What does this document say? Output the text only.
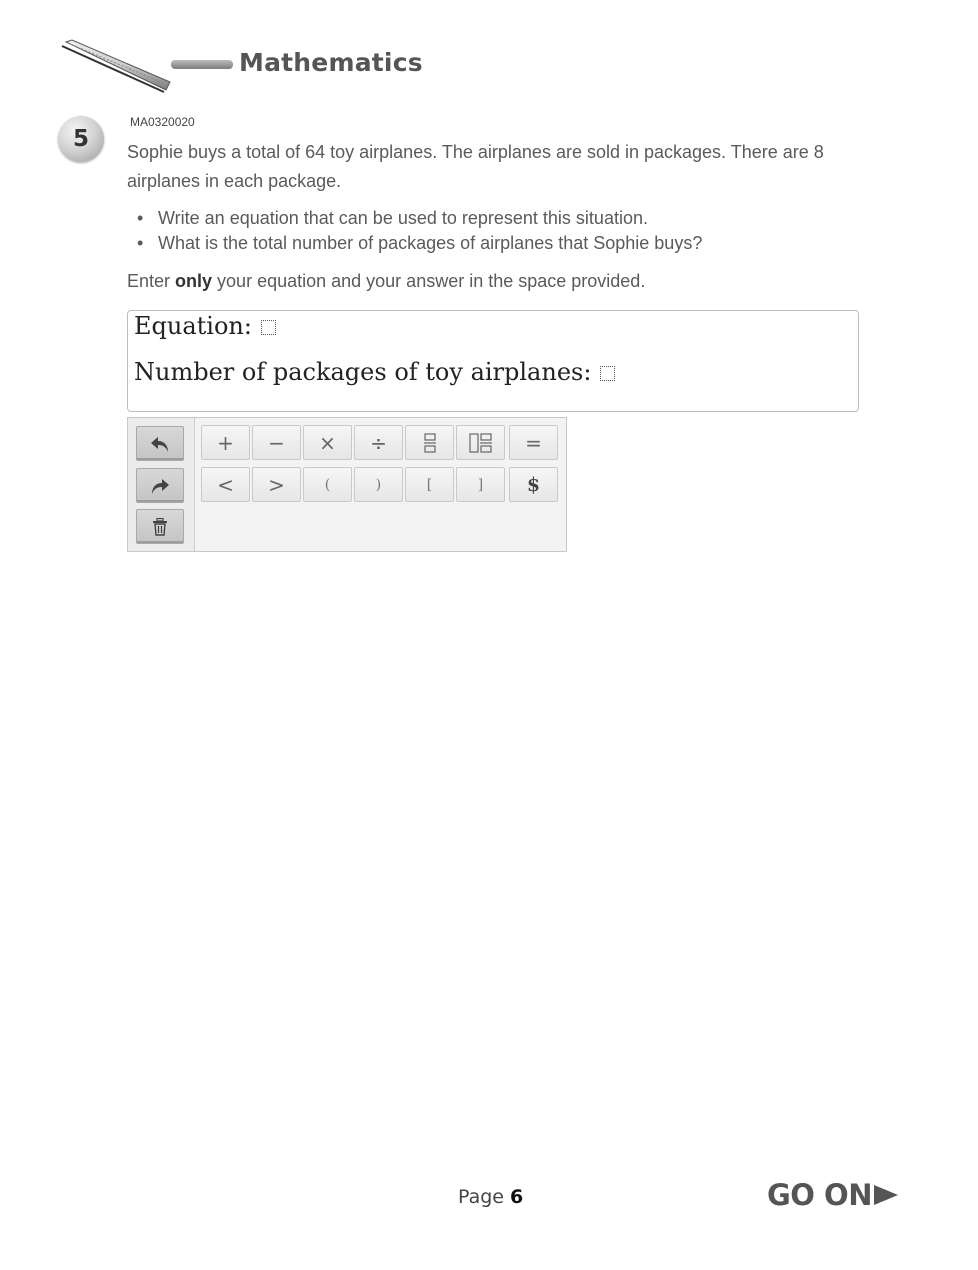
Mathematics
5
MA0320020
Sophie buys a total of 64 toy airplanes. The airplanes are sold in packages. There are 8 airplanes in each package.
• Write an equation that can be used to represent this situation.
• What is the total number of packages of airplanes that Sophie buys?
Enter only your equation and your answer in the space provided.
Equation:
Number of packages of toy airplanes:
+	−	×	÷	=
<	>	(	)	[	]	$
Page 6	GO ON
